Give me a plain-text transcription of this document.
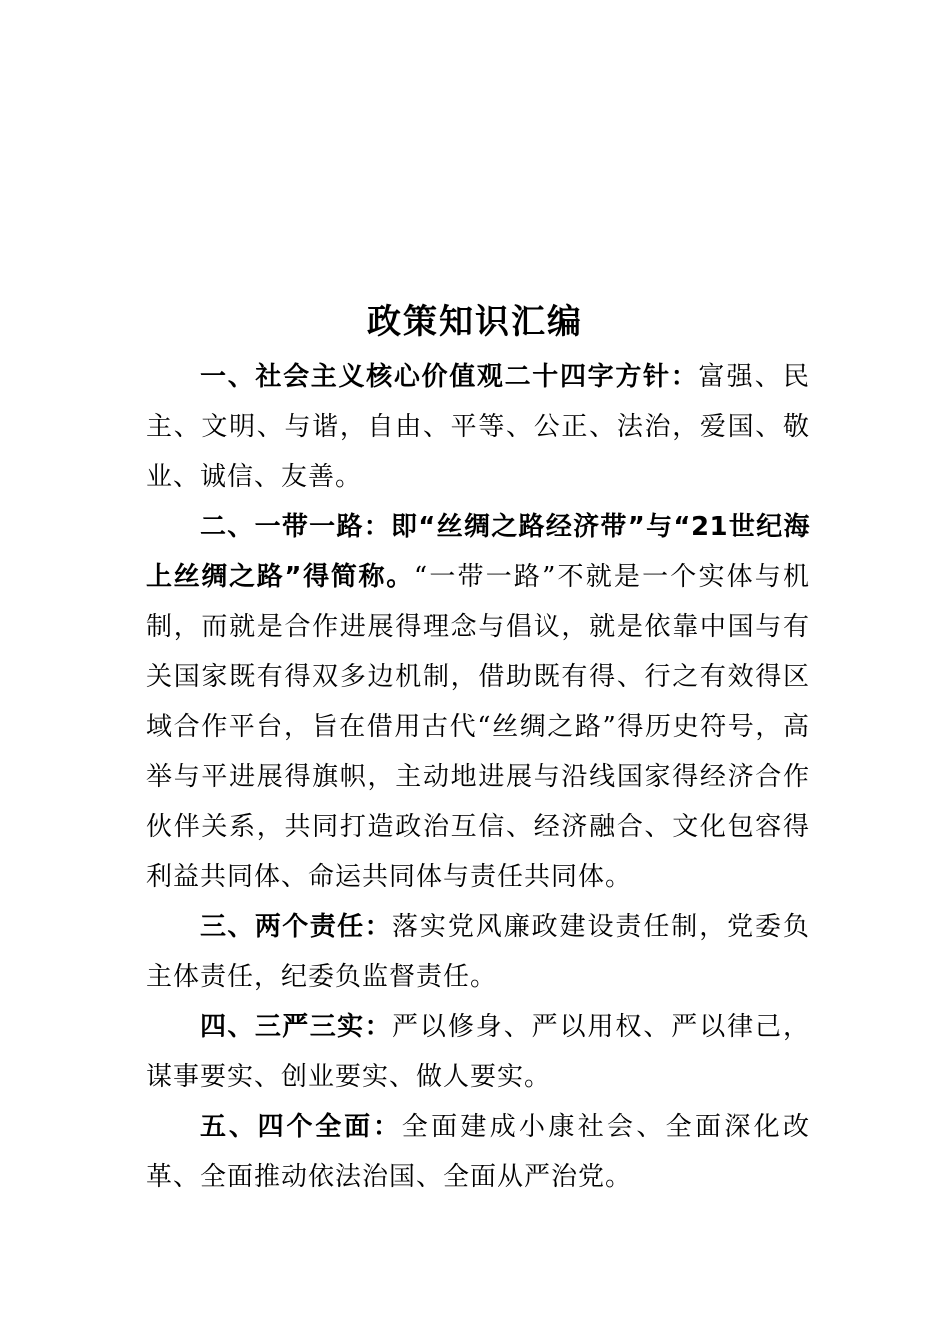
政策知识汇编

一、社会主义核心价值观二十四字方针：富强、民主、文明、与谐，自由、平等、公正、法治，爱国、敬业、诚信、友善。

二、一带一路：即“丝绸之路经济带”与“21世纪海上丝绸之路”得简称。“一带一路”不就是一个实体与机制，而就是合作进展得理念与倡议，就是依靠中国与有关国家既有得双多边机制，借助既有得、行之有效得区域合作平台，旨在借用古代“丝绸之路”得历史符号，高举与平进展得旗帜，主动地进展与沿线国家得经济合作伙伴关系，共同打造政治互信、经济融合、文化包容得利益共同体、命运共同体与责任共同体。

三、两个责任：落实党风廉政建设责任制，党委负主体责任，纪委负监督责任。

四、三严三实：严以修身、严以用权、严以律己，谋事要实、创业要实、做人要实。

五、四个全面：全面建成小康社会、全面深化改革、全面推动依法治国、全面从严治党。
